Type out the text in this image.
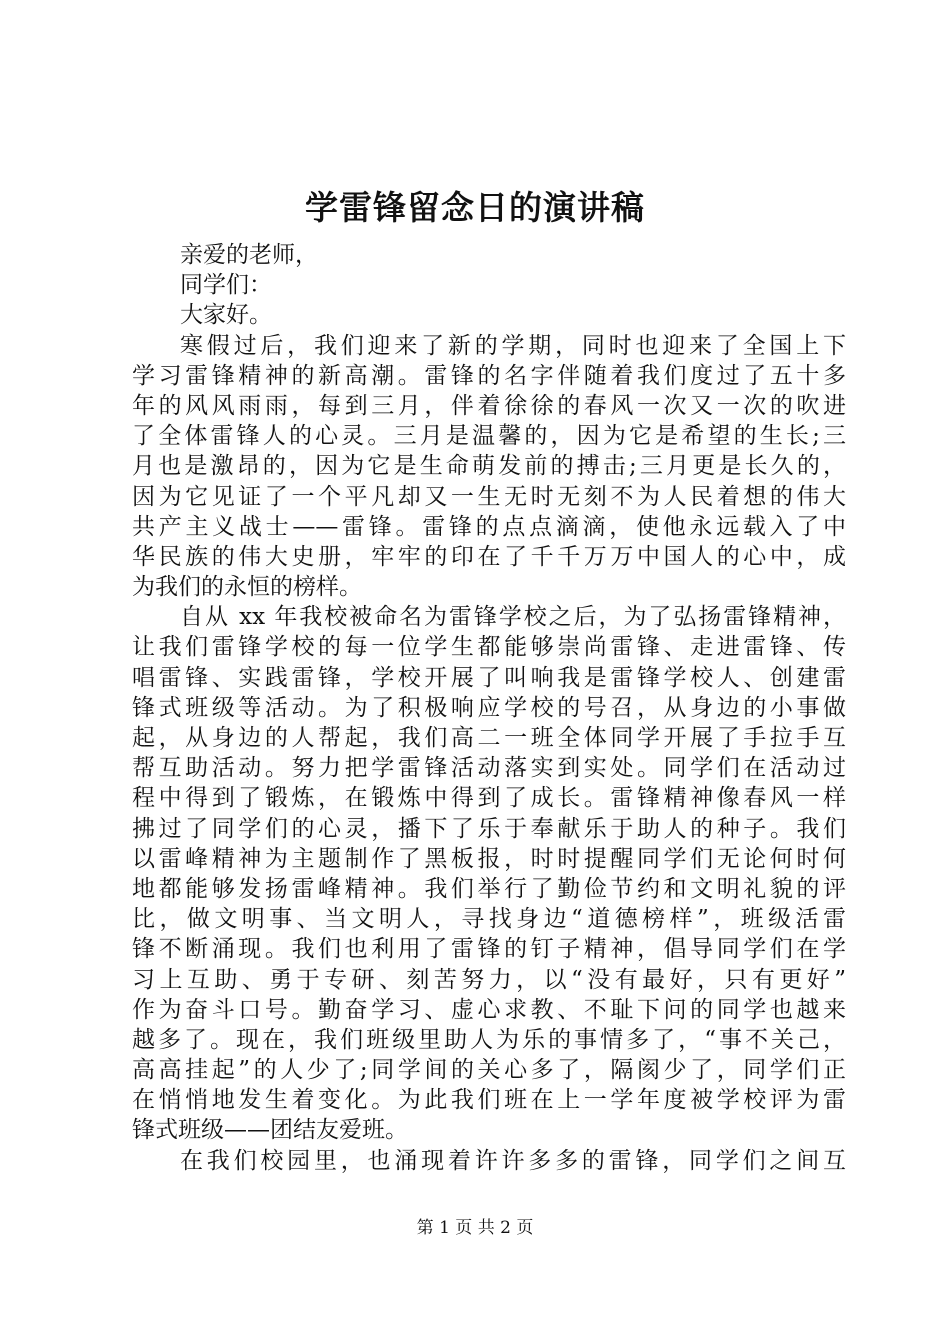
学雷锋留念日的演讲稿
亲爱的老师，
同学们：
大家好。
寒假过后，我们迎来了新的学期，同时也迎来了全国上下
学习雷锋精神的新高潮。雷锋的名字伴随着我们度过了五十多
年的风风雨雨，每到三月，伴着徐徐的春风一次又一次的吹进
了全体雷锋人的心灵。三月是温馨的，因为它是希望的生长;三
月也是激昂的，因为它是生命萌发前的搏击;三月更是长久的，
因为它见证了一个平凡却又一生无时无刻不为人民着想的伟大
共产主义战士——雷锋。雷锋的点点滴滴，使他永远载入了中
华民族的伟大史册，牢牢的印在了千千万万中国人的心中，成
为我们的永恒的榜样。
自从 xx 年我校被命名为雷锋学校之后，为了弘扬雷锋精神，
让我们雷锋学校的每一位学生都能够崇尚雷锋、走进雷锋、传
唱雷锋、实践雷锋，学校开展了叫响我是雷锋学校人、创建雷
锋式班级等活动。为了积极响应学校的号召，从身边的小事做
起，从身边的人帮起，我们高二一班全体同学开展了手拉手互
帮互助活动。努力把学雷锋活动落实到实处。同学们在活动过
程中得到了锻炼，在锻炼中得到了成长。雷锋精神像春风一样
拂过了同学们的心灵，播下了乐于奉献乐于助人的种子。我们
以雷峰精神为主题制作了黑板报，时时提醒同学们无论何时何
地都能够发扬雷峰精神。我们举行了勤俭节约和文明礼貌的评
比，做文明事、当文明人，寻找身边“道德榜样”，班级活雷
锋不断涌现。我们也利用了雷锋的钉子精神，倡导同学们在学
习上互助、勇于专研、刻苦努力，以“没有最好，只有更好”
作为奋斗口号。勤奋学习、虚心求教、不耻下问的同学也越来
越多了。现在，我们班级里助人为乐的事情多了，“事不关己，
高高挂起”的人少了;同学间的关心多了，隔阂少了，同学们正
在悄悄地发生着变化。为此我们班在上一学年度被学校评为雷
锋式班级——团结友爱班。
在我们校园里，也涌现着许许多多的雷锋，同学们之间互
第 1 页 共 2 页
